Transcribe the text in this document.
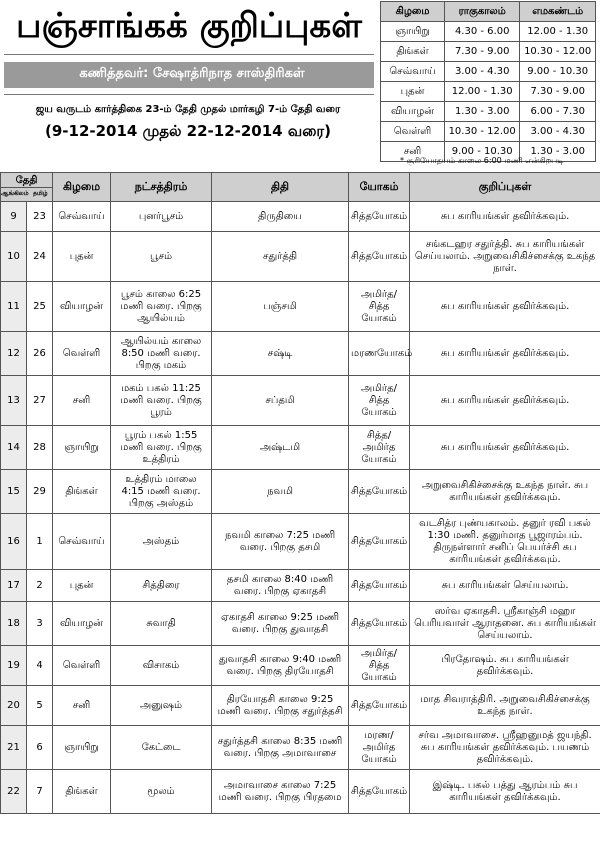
பஞ்சாங்கக் குறிப்புகள்
கணித்தவர்: சேஷாத்ரிநாத சாஸ்திரிகள்
ஜய வருடம் கார்த்திகை 23-ம் தேதி முதல் மார்கழி 7-ம் தேதி வரை
(9-12-2014 முதல் 22-12-2014 வரை)
கிழமை	ராகுகாலம்	எமகண்டம்
ஞாயிறு	4.30 - 6.00	12.00 - 1.30
திங்கள்	7.30 - 9.00	10.30 - 12.00
செவ்வாய்	3.00 - 4.30	9.00 - 10.30
புதன்	12.00 - 1.30	7.30 - 9.00
வியாழன்	1.30 - 3.00	6.00 - 7.30
வெள்ளி	10.30 - 12.00	3.00 - 4.30
சனி	9.00 - 10.30	1.30 - 3.00
* சூரியோதயம் காலை 6:00 மணி என்கிறபடி
தேதி
ஆங்கிலம் தமிழ்		கிழமை	நட்சத்திரம்	திதி	யோகம்	குறிப்புகள்
9	23	செவ்வாய்	புனர்பூசம்	திருதியை	சித்தயோகம்	சுப காரியங்கள் தவிர்க்கவும்.
10	24	புதன்	பூசம்	சதுர்த்தி	சித்தயோகம்	சங்கடஹர சதுர்த்தி. சுப காரியங்கள் செய்யலாம். அறுவைசிகிச்சைக்கு உகந்த நாள்.
11	25	வியாழன்	பூசம் காலை 6:25 மணி வரை. பிறகு ஆயில்யம்	பஞ்சமி	அமிர்த/சித்த யோகம்	சுப காரியங்கள் தவிர்க்கவும்.
12	26	வெள்ளி	ஆயில்யம் காலை 8:50 மணி வரை. பிறகு மகம்	சஷ்டி	மரணயோகம்	சுப காரியங்கள் தவிர்க்கவும்.
13	27	சனி	மகம் பகல் 11:25 மணி வரை. பிறகு பூரம்	சப்தமி	அமிர்த/சித்த யோகம்	சுப காரியங்கள் தவிர்க்கவும்.
14	28	ஞாயிறு	பூரம் பகல் 1:55 மணி வரை. பிறகு உத்திரம்	அஷ்டமி	சித்த/அமிர்த யோகம்	சுப காரியங்கள் தவிர்க்கவும்.
15	29	திங்கள்	உத்திரம் மாலை 4:15 மணி வரை. பிறகு அஸ்தம்	நவமி	சித்தயோகம்	அறுவைசிகிச்சைக்கு உகந்த நாள். சுப காரியங்கள் தவிர்க்கவும்.
16	1	செவ்வாய்	அஸ்தம்	நவமி காலை 7:25 மணி வரை. பிறகு தசமி	சித்தயோகம்	வடசித்ர புண்யகாலம். தனுர் ரவி பகல் 1:30 மணி. தனுர்மாத பூஜாரம்பம். திருநள்ளார் சனிப் பெயர்ச்சி சுப காரியங்கள் தவிர்க்கவும்.
17	2	புதன்	சித்திரை	தசமி காலை 8:40 மணி வரை. பிறகு ஏகாதசி	சித்தயோகம்	சுப காரியங்கள் செய்யலாம்.
18	3	வியாழன்	சுவாதி	ஏகாதசி காலை 9:25 மணி வரை. பிறகு துவாதசி	சித்தயோகம்	ஸர்வ ஏகாதசி. ஸ்ரீகாஞ்சி மஹா பெரியவாள் ஆராதனை. சுப காரியங்கள் செய்யலாம்.
19	4	வெள்ளி	விசாகம்	துவாதசி காலை 9:40 மணி வரை. பிறகு திரயோதசி	அமிர்த/சித்த யோகம்	பிரதோஷம். சுப காரியங்கள் தவிர்க்கவும்.
20	5	சனி	அனுஷம்	திரயோதசி காலை 9:25 மணி வரை. பிறகு சதுர்த்தசி	சித்தயோகம்	மாத சிவராத்திரி. அறுவைசிகிச்சைக்கு உகந்த நாள்.
21	6	ஞாயிறு	கேட்டை	சதுர்த்தசி காலை 8:35 மணி வரை. பிறகு அமாவாசை	மரண/அமிர்த யோகம்	சர்வ அமாவாசை. ஸ்ரீஹனுமத் ஜயந்தி. சுப காரியங்கள் தவிர்க்கவும். பயணம் தவிர்க்கவும்.
22	7	திங்கள்	மூலம்	அமாவாசை காலை 7:25 மணி வரை. பிறகு பிரதமை	சித்தயோகம்	இஷ்டி. பகல் பத்து ஆரம்பம் சுப காரியங்கள் தவிர்க்கவும்.
